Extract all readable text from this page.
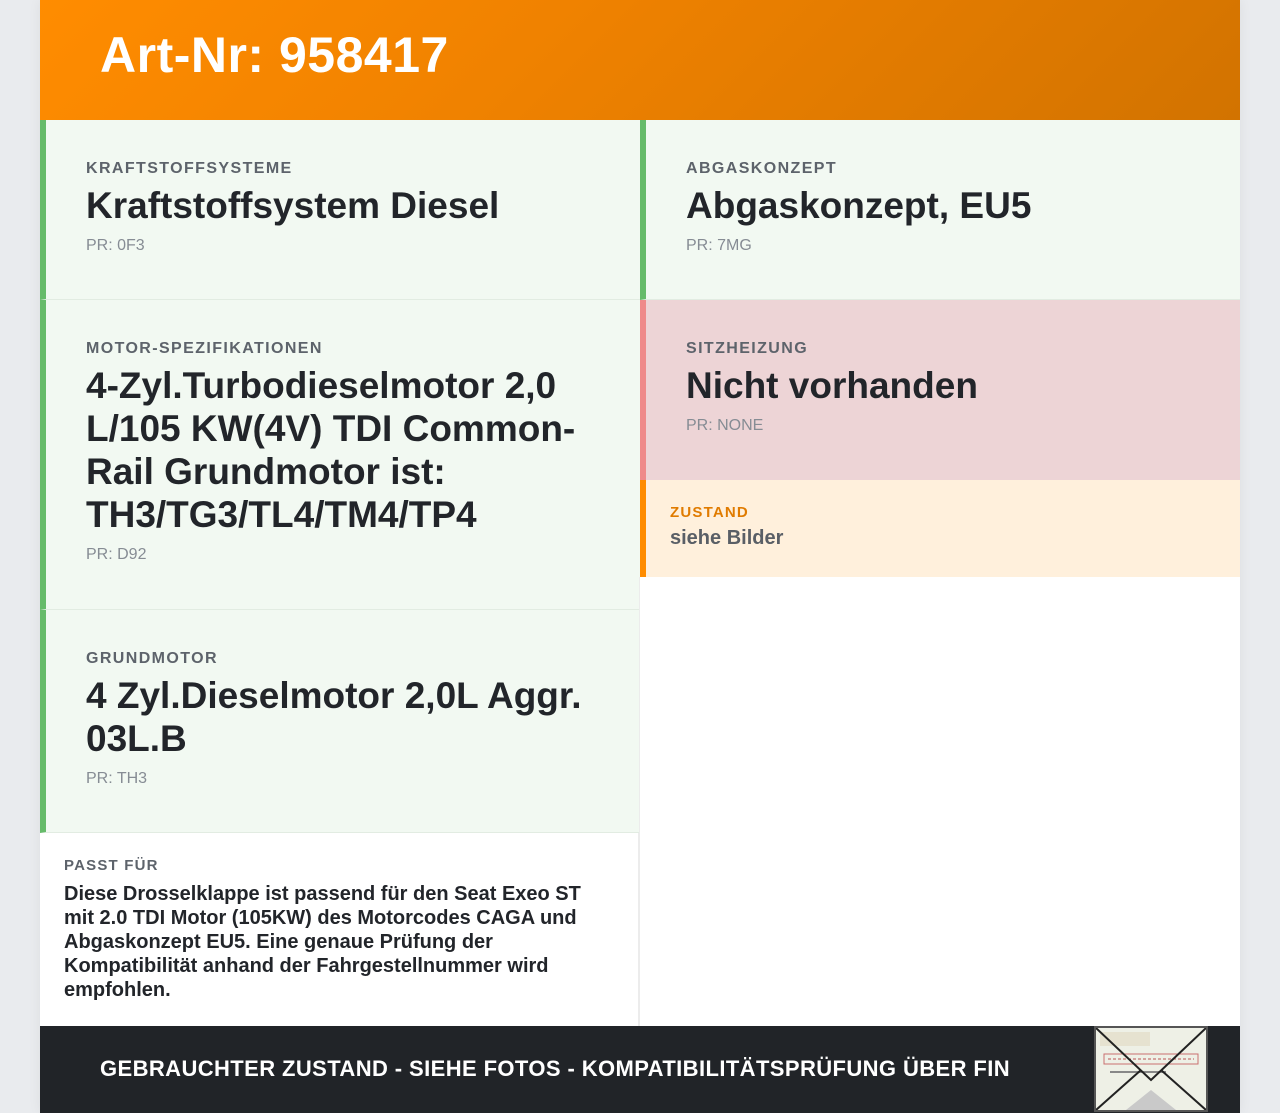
Art-Nr: 958417
KRAFTSTOFFSYSTEME
Kraftstoffsystem Diesel
PR: 0F3
ABGASKONZEPT
Abgaskonzept, EU5
PR: 7MG
MOTOR-SPEZIFIKATIONEN
4-Zyl.Turbodieselmotor 2,0 L/105 KW(4V) TDI Common-Rail Grundmotor ist: TH3/TG3/TL4/TM4/TP4
PR: D92
SITZHEIZUNG
Nicht vorhanden
PR: NONE
ZUSTAND
siehe Bilder
GRUNDMOTOR
4 Zyl.Dieselmotor 2,0L Aggr. 03L.B
PR: TH3
PASST FÜR
Diese Drosselklappe ist passend für den Seat Exeo ST mit 2.0 TDI Motor (105KW) des Motorcodes CAGA und Abgaskonzept EU5. Eine genaue Prüfung der Kompatibilität anhand der Fahrgestellnummer wird empfohlen.
GEBRAUCHTER ZUSTAND - SIEHE FOTOS - KOMPATIBILITÄTSPRÜFUNG ÜBER FIN
